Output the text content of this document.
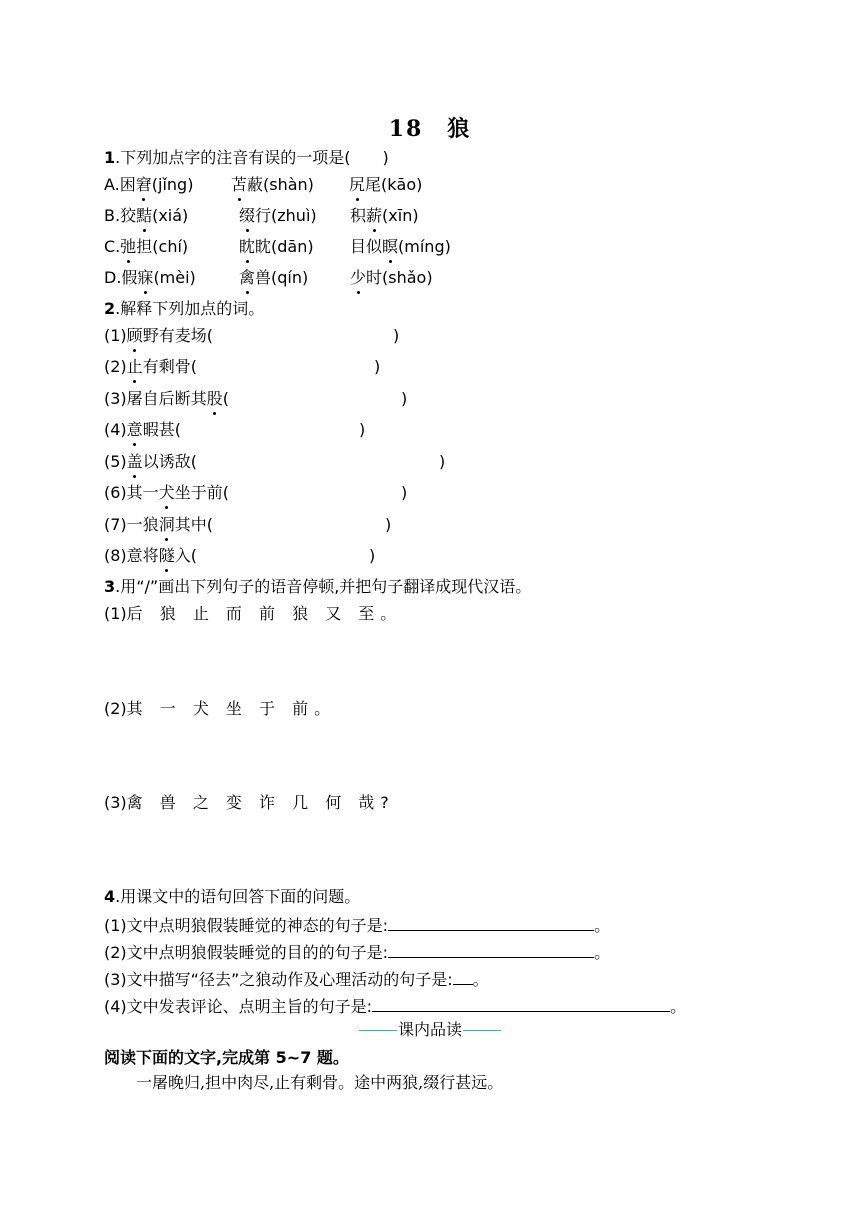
18　狼
1.下列加点字的注音有误的一项是(　　)
A.困窘(jǐng) 苫蔽(shàn) 尻尾(kāo)
B.狡黠(xiá)	缀行(zhuì) 积薪(xīn)
C.弛担(chí)	眈眈(dān) 目似瞑(míng)
D.假寐(mèi)	禽兽(qín)	少时(shǎo)
2.解释下列加点的词。
(1)顾野有麦场(	)
(2)止有剩骨(	)
(3)屠自后断其股(	)
(4)意暇甚(	)
(5)盖以诱敌(	)
(6)其一犬坐于前(	)
(7)一狼洞其中(	)
(8)意将隧入(	)
3.用“/”画出下列句子的语音停顿,并把句子翻译成现代汉语。
(1)后 狼 止 而 前 狼 又 至。
(2)其 一 犬 坐 于 前。
(3)禽 兽 之 变 诈 几 何 哉?
4.用课文中的语句回答下面的问题。
(1)文中点明狼假装睡觉的神态的句子是:	。
(2)文中点明狼假装睡觉的目的的句子是:	。
(3)文中描写“径去”之狼动作及心理活动的句子是: 。
(4)文中发表评论、点明主旨的句子是:	。
课内品读
阅读下面的文字,完成第 5~7 题。
一屠晚归,担中肉尽,止有剩骨。途中两狼,缀行甚远。
